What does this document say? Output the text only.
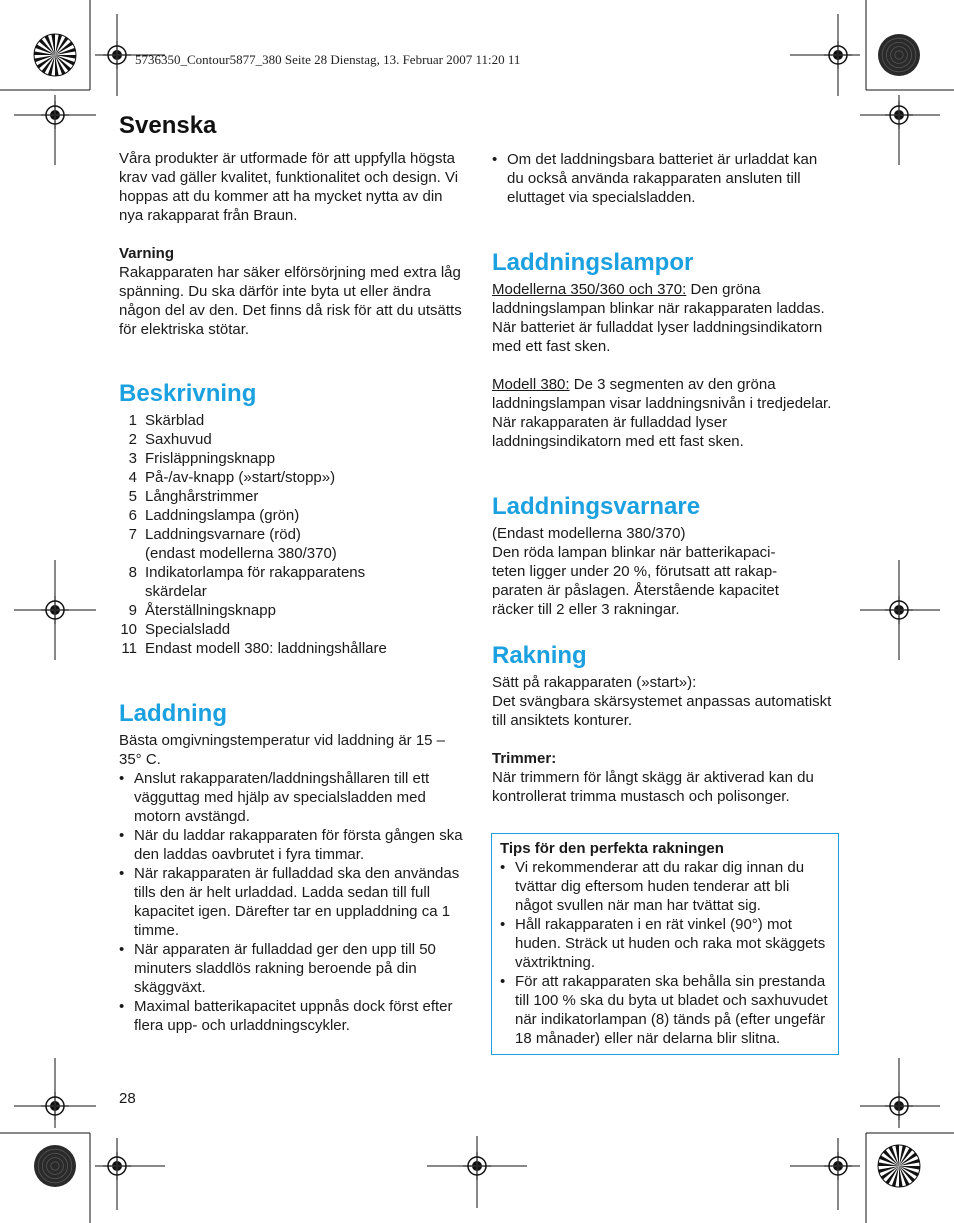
5736350_Contour5877_380 Seite 28 Dienstag, 13. Februar 2007 11:20 11
Svenska

Våra produkter är utformade för att uppfylla högsta krav vad gäller kvalitet, funktionalitet och design. Vi hoppas att du kommer att ha mycket nytta av din nya rakapparat från Braun.

Varning

Rakapparaten har säker elförsörjning med extra låg spänning. Du ska därför inte byta ut eller ändra någon del av den. Det finns då risk för att du utsätts för elektriska stötar.

Beskrivning
1 Skärblad
2 Saxhuvud
3 Frisläppningsknapp
4 På-/av-knapp (»start/stopp»)
5 Långhårstrimmer
6 Laddningslampa (grön)
7 Laddningsvarnare (röd)
(endast modellerna 380/370)
8 Indikatorlampa för rakapparatens
skärdelar
9 Återställningsknapp
10 Specialsladd
11 Endast modell 380: laddningshållare
Laddning

Bästa omgivningstemperatur vid laddning är 15 – 35° C.

• Anslut rakapparaten/laddningshållaren till ett vägguttag med hjälp av specialsladden med motorn avstängd.
• När du laddar rakapparaten för första gången ska den laddas oavbrutet i fyra timmar.
• När rakapparaten är fulladdad ska den användas tills den är helt urladdad. Ladda sedan till full kapacitet igen. Därefter tar en uppladdning ca 1 timme.
• När apparaten är fulladdad ger den upp till 50 minuters sladdlös rakning beroende på din skäggväxt.
• Maximal batterikapacitet uppnås dock först efter flera upp- och urladdningscykler.
• Om det laddningsbara batteriet är urladdat kan du också använda rakapparaten ansluten till eluttaget via specialsladden.
Laddningslampor

Modellerna 350/360 och 370: Den gröna laddningslampan blinkar när rakapparaten laddas. När batteriet är fulladdat lyser laddningsindikatorn med ett fast sken.

Modell 380: De 3 segmenten av den gröna laddningslampan visar laddningsnivån i tredjedelar. När rakapparaten är fulladdad lyser laddningsindikatorn med ett fast sken.

Laddningsvarnare
(Endast modellerna 380/370)
Den röda lampan blinkar när batterikapaci-
teten ligger under 20 %, förutsatt att rakap-
paraten är påslagen. Återstående kapacitet
räcker till 2 eller 3 rakningar.
Rakning

Sätt på rakapparaten (»start»):

Det svängbara skärsystemet anpassas automatiskt till ansiktets konturer.

Trimmer:

När trimmern för långt skägg är aktiverad kan du kontrollerat trimma mustasch och polisonger.

Tips för den perfekta rakningen
• Vi rekommenderar att du rakar dig innan du tvättar dig eftersom huden tenderar att bli något svullen när man har tvättat sig.
• Håll rakapparaten i en rät vinkel (90°) mot huden. Sträck ut huden och raka mot skäggets växtriktning.
• För att rakapparaten ska behålla sin prestanda till 100 % ska du byta ut bladet och saxhuvudet när indikatorlampan (8) tänds på (efter ungefär 18 månader) eller när delarna blir slitna.
28
